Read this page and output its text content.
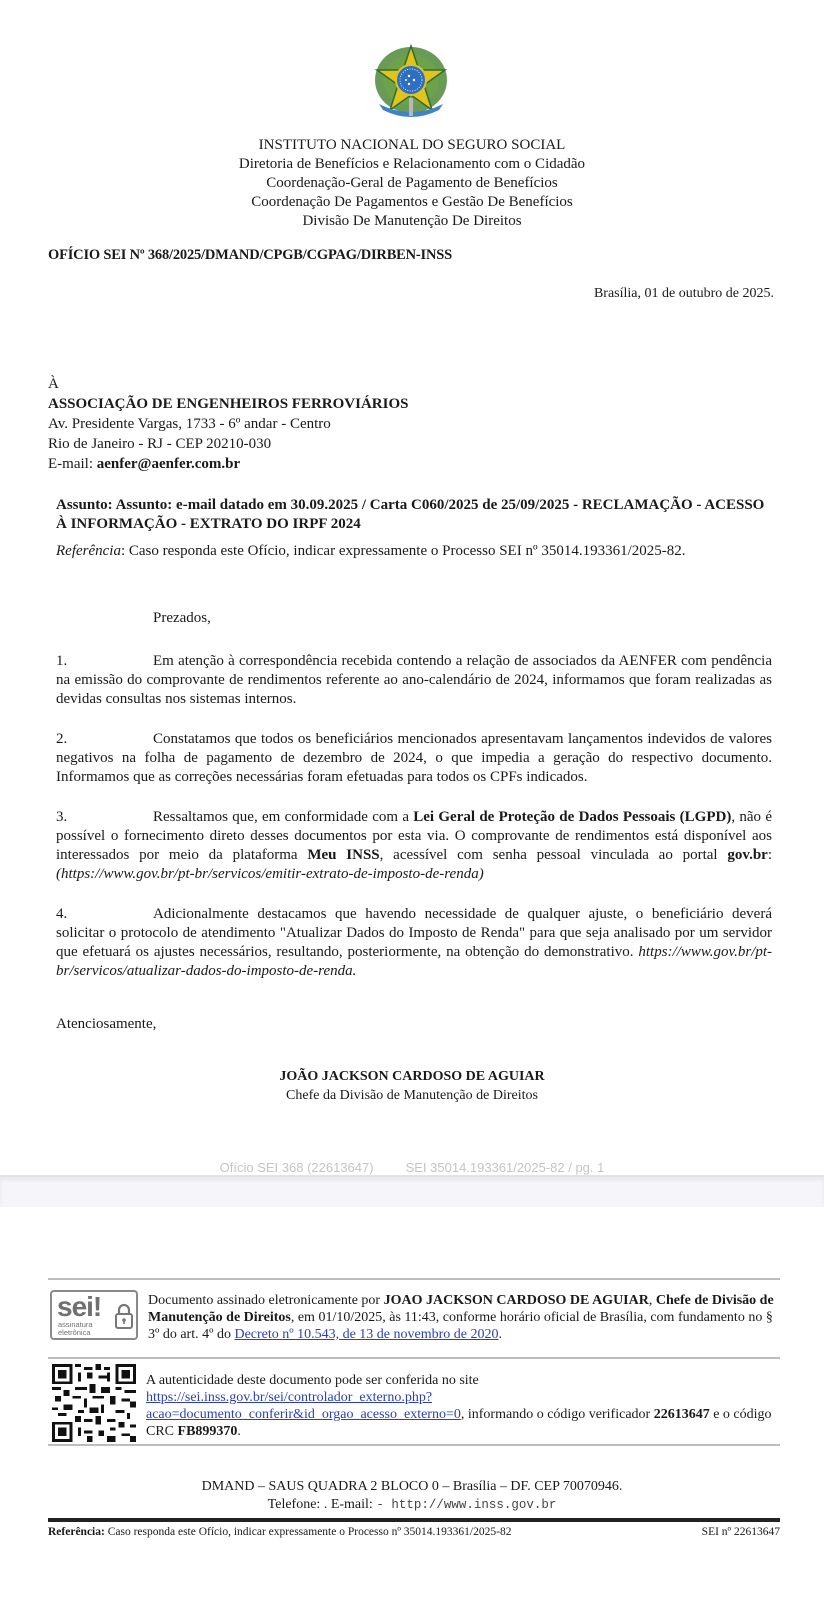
INSTITUTO NACIONAL DO SEGURO SOCIAL
Diretoria de Benefícios e Relacionamento com o Cidadão
Coordenação-Geral de Pagamento de Benefícios
Coordenação De Pagamentos e Gestão De Benefícios
Divisão De Manutenção De Direitos
OFÍCIO SEI Nº 368/2025/DMAND/CPGB/CGPAG/DIRBEN-INSS
Brasília, 01 de outubro de 2025.
À
ASSOCIAÇÃO DE ENGENHEIROS FERROVIÁRIOS
Av. Presidente Vargas, 1733 - 6º andar - Centro
Rio de Janeiro - RJ - CEP 20210-030
E-mail: aenfer@aenfer.com.br
Assunto: Assunto: e-mail datado em 30.09.2025 / Carta C060/2025 de 25/09/2025 - RECLAMAÇÃO - ACESSO À INFORMAÇÃO - EXTRATO DO IRPF 2024
Referência: Caso responda este Ofício, indicar expressamente o Processo SEI nº 35014.193361/2025-82.
Prezados,
1.	Em atenção à correspondência recebida contendo a relação de associados da AENFER com pendência na emissão do comprovante de rendimentos referente ao ano-calendário de 2024, informamos que foram realizadas as devidas consultas nos sistemas internos.
2.	Constatamos que todos os beneficiários mencionados apresentavam lançamentos indevidos de valores negativos na folha de pagamento de dezembro de 2024, o que impedia a geração do respectivo documento. Informamos que as correções necessárias foram efetuadas para todos os CPFs indicados.
3.	Ressaltamos que, em conformidade com a Lei Geral de Proteção de Dados Pessoais (LGPD), não é possível o fornecimento direto desses documentos por esta via. O comprovante de rendimentos está disponível aos interessados por meio da plataforma Meu INSS, acessível com senha pessoal vinculada ao portal gov.br: (https://www.gov.br/pt-br/servicos/emitir-extrato-de-imposto-de-renda)
4.	Adicionalmente destacamos que havendo necessidade de qualquer ajuste, o beneficiário deverá solicitar o protocolo de atendimento "Atualizar Dados do Imposto de Renda" para que seja analisado por um servidor que efetuará os ajustes necessários, resultando, posteriormente, na obtenção do demonstrativo. https://www.gov.br/pt-br/servicos/atualizar-dados-do-imposto-de-renda.
Atenciosamente,
JOÃO JACKSON CARDOSO DE AGUIAR
Chefe da Divisão de Manutenção de Direitos
Ofício SEI 368 (22613647) SEI 35014.193361/2025-82 / pg. 1
sei!
assinatura
eletrônica
Documento assinado eletronicamente por JOAO JACKSON CARDOSO DE AGUIAR, Chefe de Divisão de Manutenção de Direitos, em 01/10/2025, às 11:43, conforme horário oficial de Brasília, com fundamento no § 3º do art. 4º do Decreto nº 10.543, de 13 de novembro de 2020.
A autenticidade deste documento pode ser conferida no site
https://sei.inss.gov.br/sei/controlador_externo.php?
acao=documento_conferir&id_orgao_acesso_externo=0, informando o código verificador 22613647 e o código CRC FB899370.
DMAND – SAUS QUADRA 2 BLOCO 0 – Brasília – DF. CEP 70070946.
Telefone: . E-mail: - http://www.inss.gov.br
Referência: Caso responda este Ofício, indicar expressamente o Processo nº 35014.193361/2025-82	SEI nº 22613647
